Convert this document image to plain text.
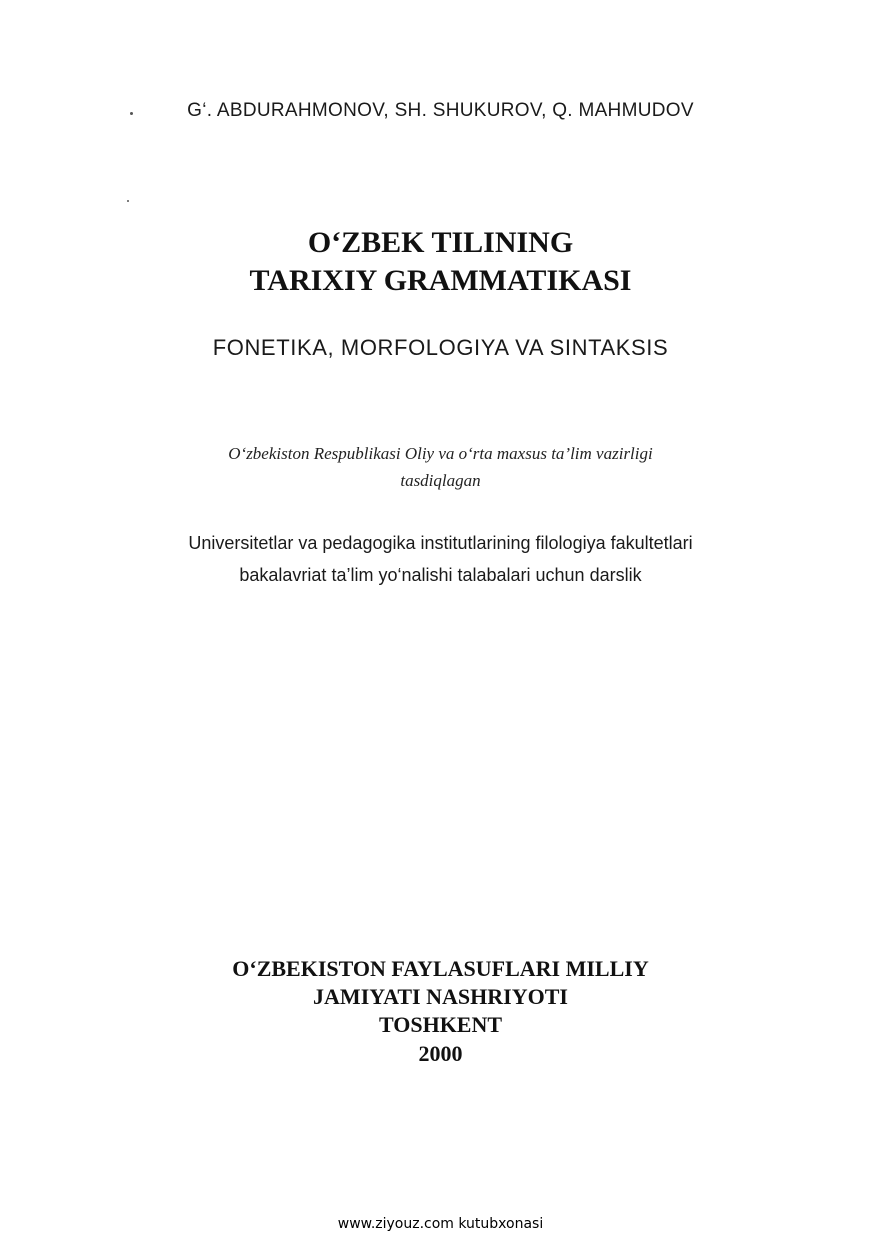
G‘. ABDURAHMONOV, SH. SHUKUROV, Q. MAHMUDOV
O‘ZBEK TILINING
TARIXIY GRAMMATIKASI
FONETIKA, MORFOLOGIYA VA SINTAKSIS
O‘zbekiston Respublikasi Oliy va o‘rta maxsus ta’lim vazirligi
tasdiqlagan
Universitetlar va pedagogika institutlarining filologiya fakultetlari
bakalavriat ta’lim yo‘nalishi talabalari uchun darslik
O‘ZBEKISTON FAYLASUFLARI MILLIY
JAMIYATI NASHRIYOTI
TOSHKENT
2000
www.ziyouz.com kutubxonasi
